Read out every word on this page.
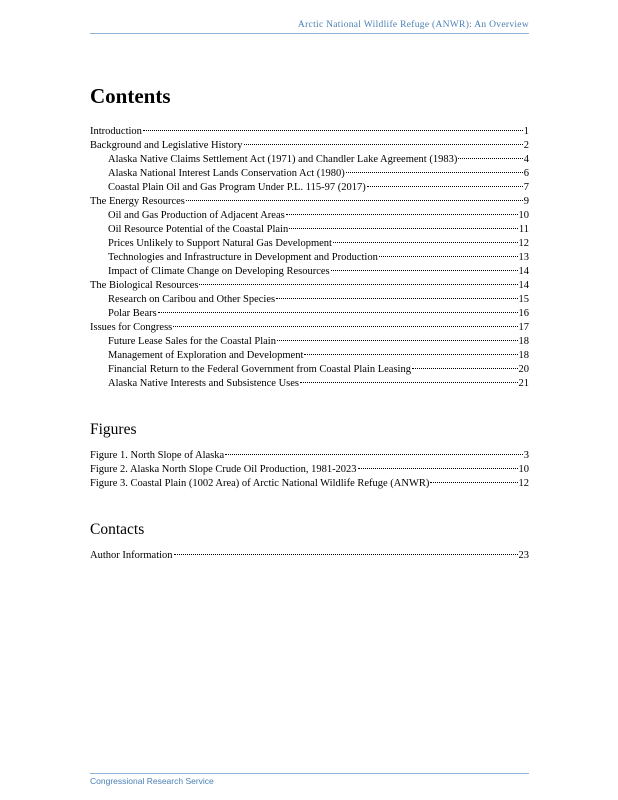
Arctic National Wildlife Refuge (ANWR): An Overview
Contents
Introduction	1
Background and Legislative History	2
Alaska Native Claims Settlement Act (1971) and Chandler Lake Agreement (1983)	4
Alaska National Interest Lands Conservation Act (1980)	6
Coastal Plain Oil and Gas Program Under P.L. 115-97 (2017)	7
The Energy Resources	9
Oil and Gas Production of Adjacent Areas	10
Oil Resource Potential of the Coastal Plain	11
Prices Unlikely to Support Natural Gas Development	12
Technologies and Infrastructure in Development and Production	13
Impact of Climate Change on Developing Resources	14
The Biological Resources	14
Research on Caribou and Other Species	15
Polar Bears	16
Issues for Congress	17
Future Lease Sales for the Coastal Plain	18
Management of Exploration and Development	18
Financial Return to the Federal Government from Coastal Plain Leasing	20
Alaska Native Interests and Subsistence Uses	21
Figures
Figure 1. North Slope of Alaska	3
Figure 2. Alaska North Slope Crude Oil Production, 1981-2023	10
Figure 3. Coastal Plain (1002 Area) of Arctic National Wildlife Refuge (ANWR)	12
Contacts
Author Information	23
Congressional Research Service
